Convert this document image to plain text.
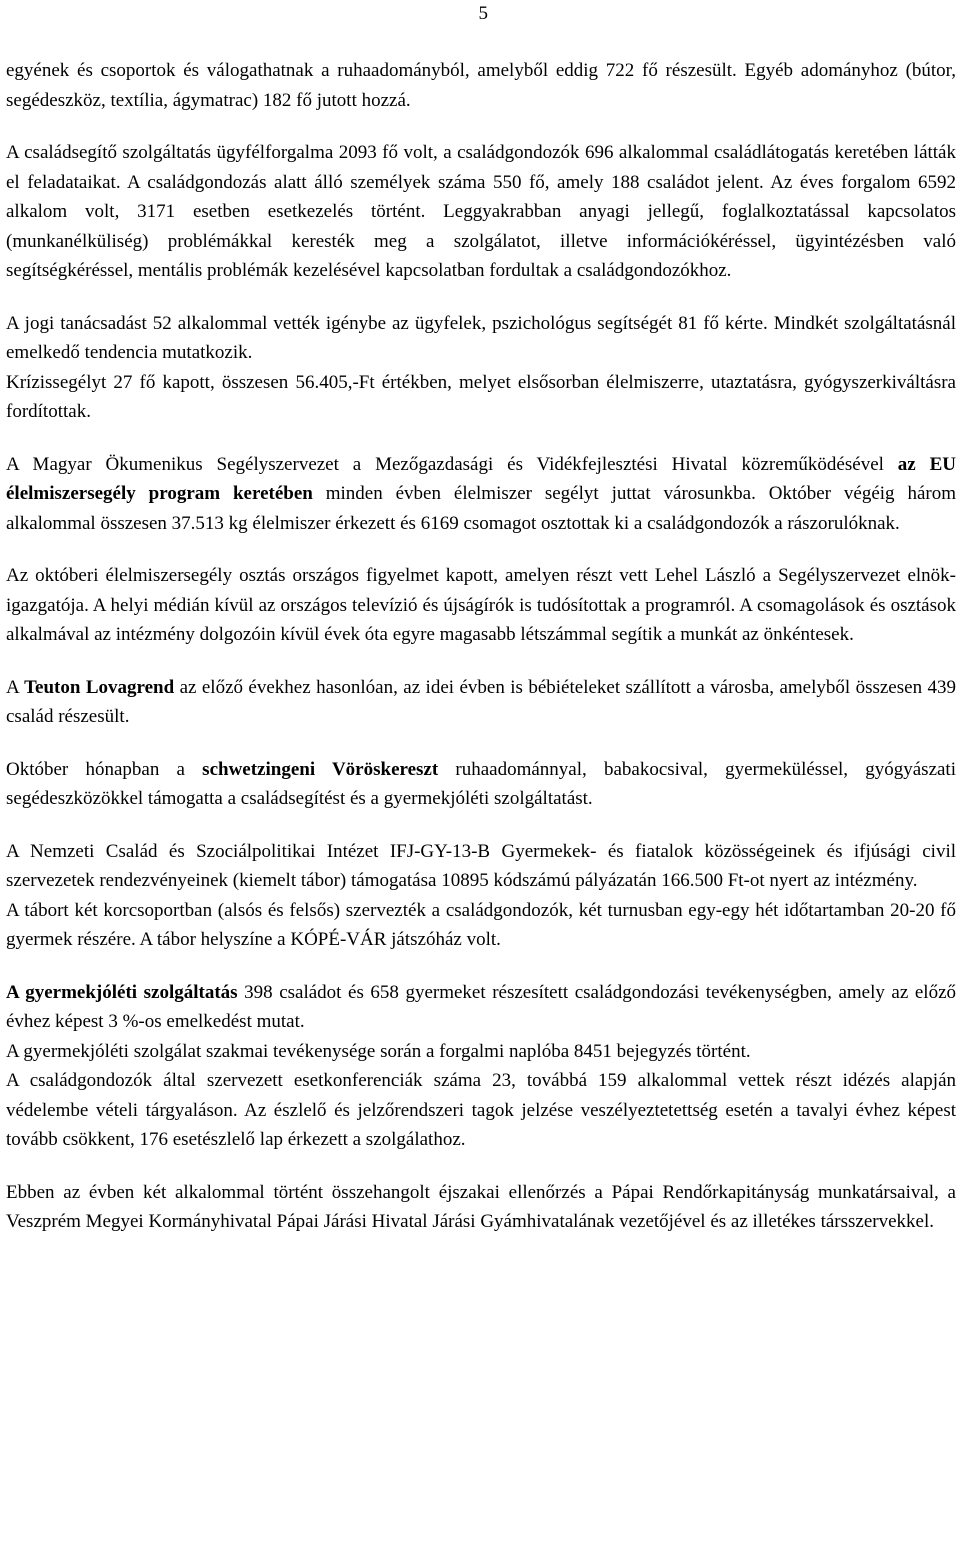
5

egyének és csoportok és válogathatnak a ruhaadományból, amelyből eddig 722 fő részesült. Egyéb adományhoz (bútor, segédeszköz, textília, ágymatrac) 182 fő jutott hozzá.

A családsegítő szolgáltatás ügyfélforgalma 2093 fő volt, a családgondozók 696 alkalommal családlátogatás keretében látták el feladataikat. A családgondozás alatt álló személyek száma 550 fő, amely 188 családot jelent. Az éves forgalom 6592 alkalom volt, 3171 esetben esetkezelés történt. Leggyakrabban anyagi jellegű, foglalkoztatással kapcsolatos (munkanélküliség) problémákkal keresték meg a szolgálatot, illetve információkéréssel, ügyintézésben való segítségkéréssel, mentális problémák kezelésével kapcsolatban fordultak a családgondozókhoz.

A jogi tanácsadást 52 alkalommal vették igénybe az ügyfelek, pszichológus segítségét 81 fő kérte. Mindkét szolgáltatásnál emelkedő tendencia mutatkozik.

Krízissegélyt 27 fő kapott, összesen 56.405,-Ft értékben, melyet elsősorban élelmiszerre, utaztatásra, gyógyszerkiváltásra fordítottak.

A Magyar Ökumenikus Segélyszervezet a Mezőgazdasági és Vidékfejlesztési Hivatal közreműködésével az EU élelmiszersegély program keretében minden évben élelmiszer segélyt juttat városunkba. Október végéig három alkalommal összesen 37.513 kg élelmiszer érkezett és 6169 csomagot osztottak ki a családgondozók a rászorulóknak.

Az októberi élelmiszersegély osztás országos figyelmet kapott, amelyen részt vett Lehel László a Segélyszervezet elnök-igazgatója. A helyi médián kívül az országos televízió és újságírók is tudósítottak a programról. A csomagolások és osztások alkalmával az intézmény dolgozóin kívül évek óta egyre magasabb létszámmal segítik a munkát az önkéntesek.

A Teuton Lovagrend az előző évekhez hasonlóan, az idei évben is bébiételeket szállított a városba, amelyből összesen 439 család részesült.

Október hónapban a schwetzingeni Vöröskereszt ruhaadománnyal, babakocsival, gyermeküléssel, gyógyászati segédeszközökkel támogatta a családsegítést és a gyermekjóléti szolgáltatást.

A Nemzeti Család és Szociálpolitikai Intézet IFJ-GY-13-B Gyermekek- és fiatalok közösségeinek és ifjúsági civil szervezetek rendezvényeinek (kiemelt tábor) támogatása 10895 kódszámú pályázatán 166.500 Ft-ot nyert az intézmény.

A tábort két korcsoportban (alsós és felsős) szervezték a családgondozók, két turnusban egy-egy hét időtartamban 20-20 fő gyermek részére. A tábor helyszíne a KÓPÉ-VÁR játszóház volt.

A gyermekjóléti szolgáltatás 398 családot és 658 gyermeket részesített családgondozási tevékenységben, amely az előző évhez képest 3 %-os emelkedést mutat.

A gyermekjóléti szolgálat szakmai tevékenysége során a forgalmi naplóba 8451 bejegyzés történt.

A családgondozók által szervezett esetkonferenciák száma 23, továbbá 159 alkalommal vettek részt idézés alapján védelembe vételi tárgyaláson. Az észlelő és jelzőrendszeri tagok jelzése veszélyeztetettség esetén a tavalyi évhez képest tovább csökkent, 176 esetészlelő lap érkezett a szolgálathoz.

Ebben az évben két alkalommal történt összehangolt éjszakai ellenőrzés a Pápai Rendőrkapitányság munkatársaival, a Veszprém Megyei Kormányhivatal Pápai Járási Hivatal Járási Gyámhivatalának vezetőjével és az illetékes társszervekkel.
